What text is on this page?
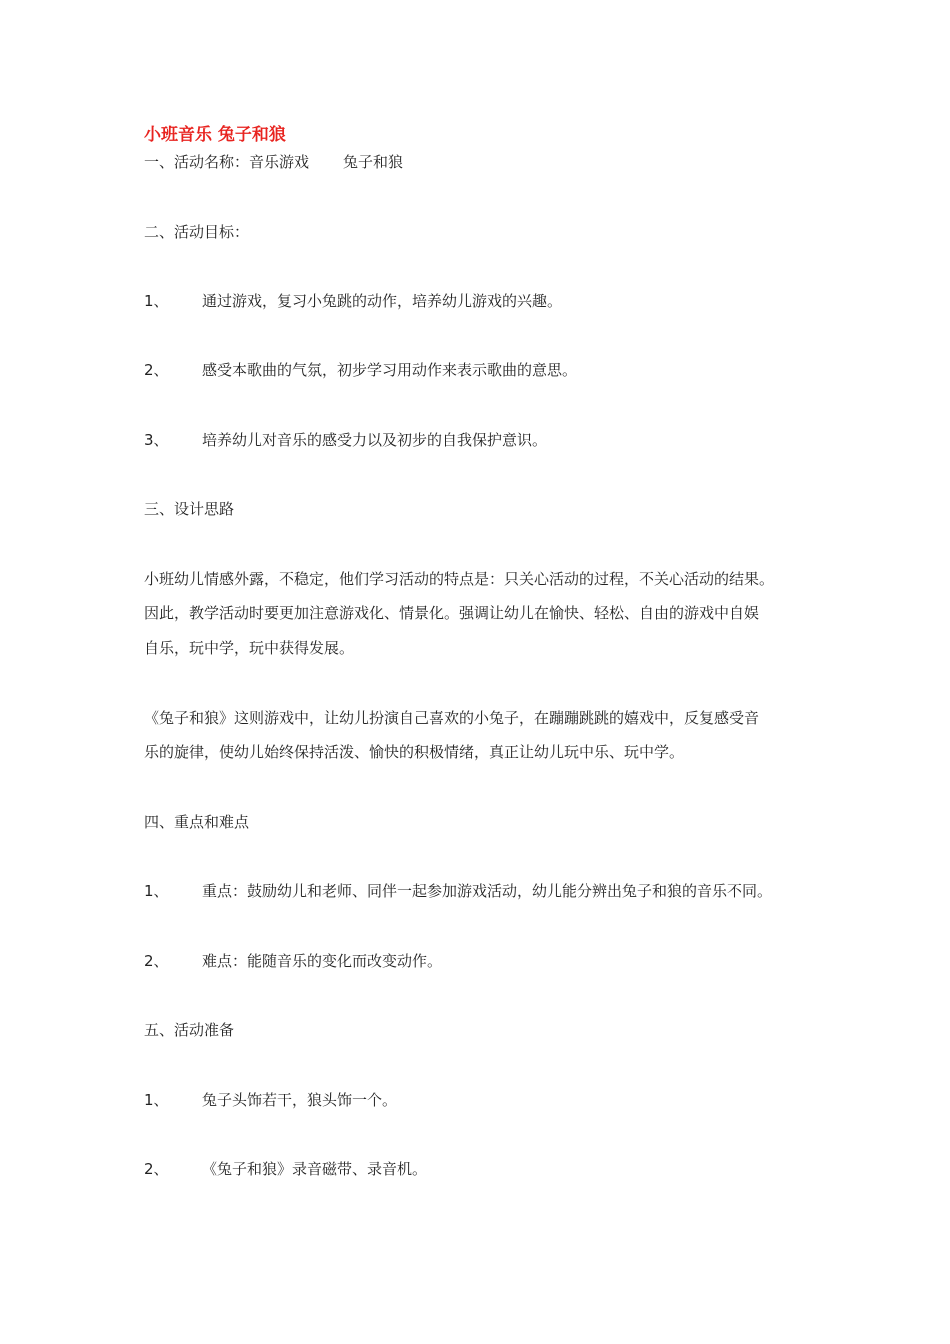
小班音乐 兔子和狼
一、活动名称：音乐游戏 兔子和狼
二、活动目标：
1、 通过游戏，复习小兔跳的动作，培养幼儿游戏的兴趣。
2、 感受本歌曲的气氛，初步学习用动作来表示歌曲的意思。
3、 培养幼儿对音乐的感受力以及初步的自我保护意识。
三、设计思路
小班幼儿情感外露，不稳定，他们学习活动的特点是：只关心活动的过程，不关心活动的结果。
因此，教学活动时要更加注意游戏化、情景化。强调让幼儿在愉快、轻松、自由的游戏中自娱
自乐，玩中学，玩中获得发展。
《兔子和狼》这则游戏中，让幼儿扮演自己喜欢的小兔子，在蹦蹦跳跳的嬉戏中，反复感受音
乐的旋律，使幼儿始终保持活泼、愉快的积极情绪，真正让幼儿玩中乐、玩中学。
四、重点和难点
1、 重点：鼓励幼儿和老师、同伴一起参加游戏活动，幼儿能分辨出兔子和狼的音乐不同。
2、 难点：能随音乐的变化而改变动作。
五、活动准备
1、 兔子头饰若干，狼头饰一个。
2、 《兔子和狼》录音磁带、录音机。
